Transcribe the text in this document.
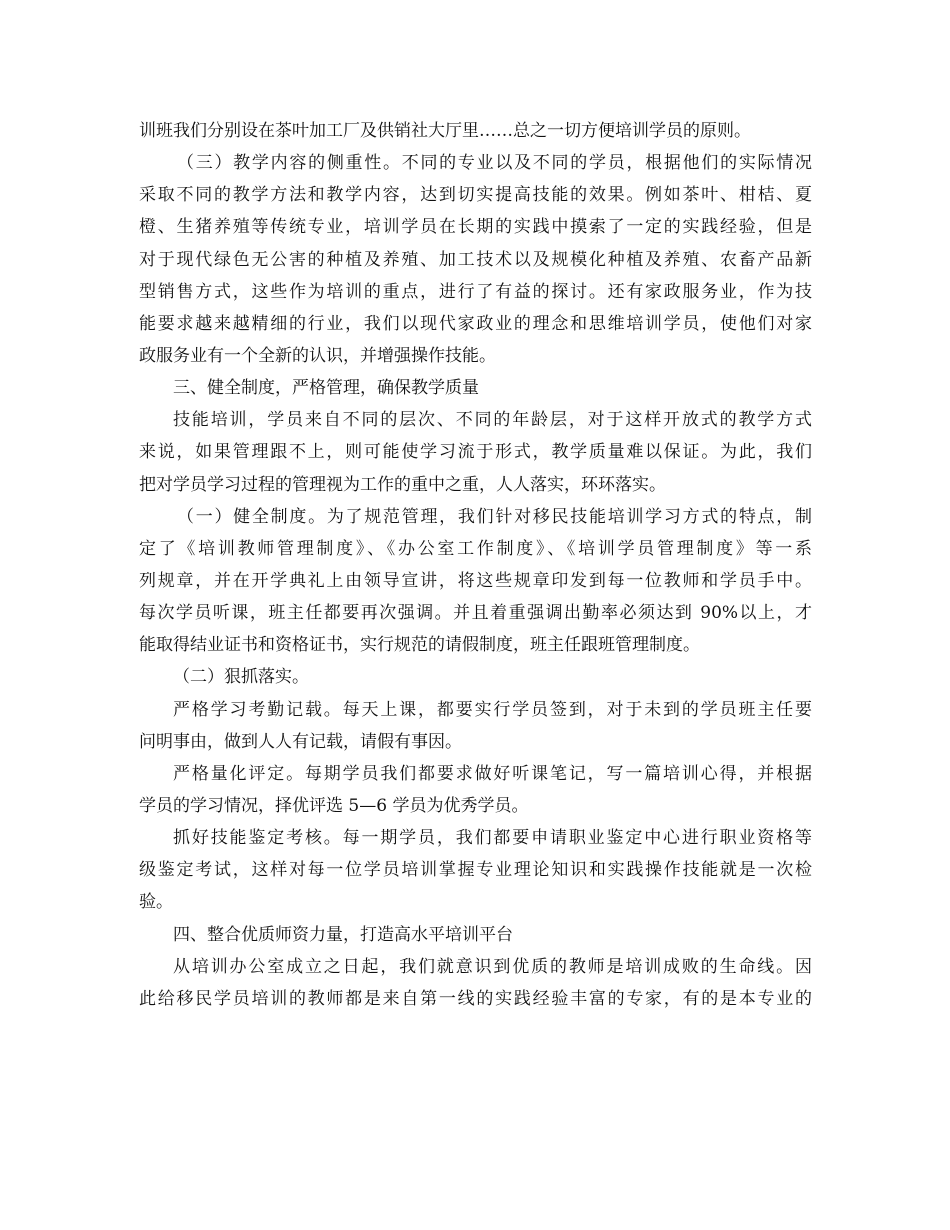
训班我们分别设在茶叶加工厂及供销社大厅里……总之一切方便培训学员的原则。
（三）教学内容的侧重性。不同的专业以及不同的学员，根据他们的实际情况
采取不同的教学方法和教学内容，达到切实提高技能的效果。例如茶叶、柑桔、夏
橙、生猪养殖等传统专业，培训学员在长期的实践中摸索了一定的实践经验，但是
对于现代绿色无公害的种植及养殖、加工技术以及规模化种植及养殖、农畜产品新
型销售方式，这些作为培训的重点，进行了有益的探讨。还有家政服务业，作为技
能要求越来越精细的行业，我们以现代家政业的理念和思维培训学员，使他们对家
政服务业有一个全新的认识，并增强操作技能。
三、健全制度，严格管理，确保教学质量
技能培训，学员来自不同的层次、不同的年龄层，对于这样开放式的教学方式
来说，如果管理跟不上，则可能使学习流于形式，教学质量难以保证。为此，我们
把对学员学习过程的管理视为工作的重中之重，人人落实，环环落实。
（一）健全制度。为了规范管理，我们针对移民技能培训学习方式的特点，制
定了《培训教师管理制度》、《办公室工作制度》、《培训学员管理制度》等一系
列规章，并在开学典礼上由领导宣讲，将这些规章印发到每一位教师和学员手中。
每次学员听课，班主任都要再次强调。并且着重强调出勤率必须达到 90%以上，才
能取得结业证书和资格证书，实行规范的请假制度，班主任跟班管理制度。
（二）狠抓落实。
严格学习考勤记载。每天上课，都要实行学员签到，对于未到的学员班主任要
问明事由，做到人人有记载，请假有事因。
严格量化评定。每期学员我们都要求做好听课笔记，写一篇培训心得，并根据
学员的学习情况，择优评选 5—6 学员为优秀学员。
抓好技能鉴定考核。每一期学员，我们都要申请职业鉴定中心进行职业资格等
级鉴定考试，这样对每一位学员培训掌握专业理论知识和实践操作技能就是一次检
验。
四、整合优质师资力量，打造高水平培训平台
从培训办公室成立之日起，我们就意识到优质的教师是培训成败的生命线。因
此给移民学员培训的教师都是来自第一线的实践经验丰富的专家，有的是本专业的
